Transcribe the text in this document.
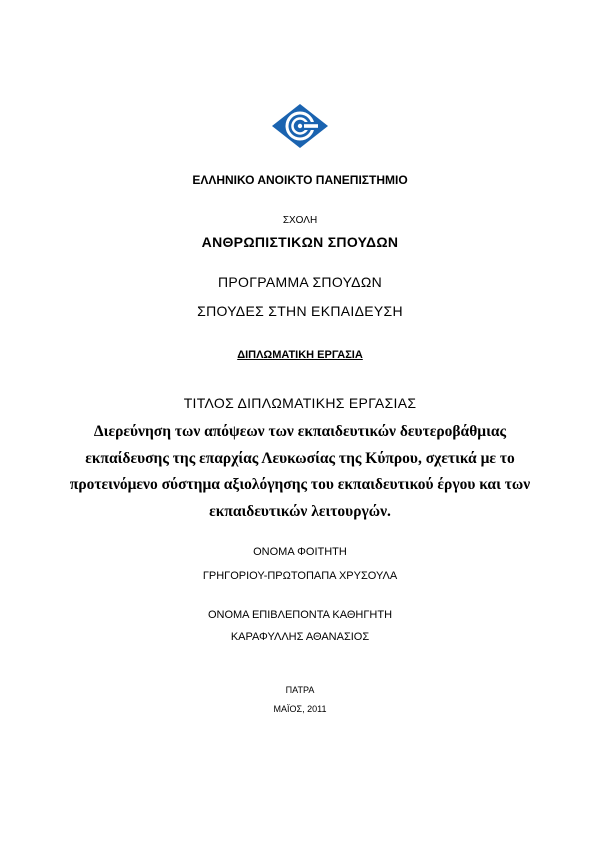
ΕΛΛΗΝΙΚΟ ΑΝΟΙΚΤΟ ΠΑΝΕΠΙΣΤΗΜΙΟ
ΣΧΟΛΗ
ΑΝΘΡΩΠΙΣΤΙΚΩΝ ΣΠΟΥΔΩΝ
ΠΡΟΓΡΑΜΜΑ ΣΠΟΥΔΩΝ
ΣΠΟΥΔΕΣ ΣΤΗΝ ΕΚΠΑΙΔΕΥΣΗ
ΔΙΠΛΩΜΑΤΙΚΗ ΕΡΓΑΣΙΑ
ΤΙΤΛΟΣ ΔΙΠΛΩΜΑΤΙΚΗΣ ΕΡΓΑΣΙΑΣ
Διερεύνηση των απόψεων των εκπαιδευτικών δευτεροβάθμιας εκπαίδευσης της επαρχίας Λευκωσίας της Κύπρου, σχετικά με το προτεινόμενο σύστημα αξιολόγησης του εκπαιδευτικού έργου και των εκπαιδευτικών λειτουργών.
ΟΝΟΜΑ ΦΟΙΤΗΤΗ
ΓΡΗΓΟΡΙΟΥ-ΠΡΩΤΟΠΑΠΑ ΧΡΥΣΟΥΛΑ
ΟΝΟΜΑ ΕΠΙΒΛΕΠΟΝΤΑ ΚΑΘΗΓΗΤΗ
ΚΑΡΑΦΥΛΛΗΣ ΑΘΑΝΑΣΙΟΣ
ΠΑΤΡΑ
ΜΑΪΟΣ, 2011
